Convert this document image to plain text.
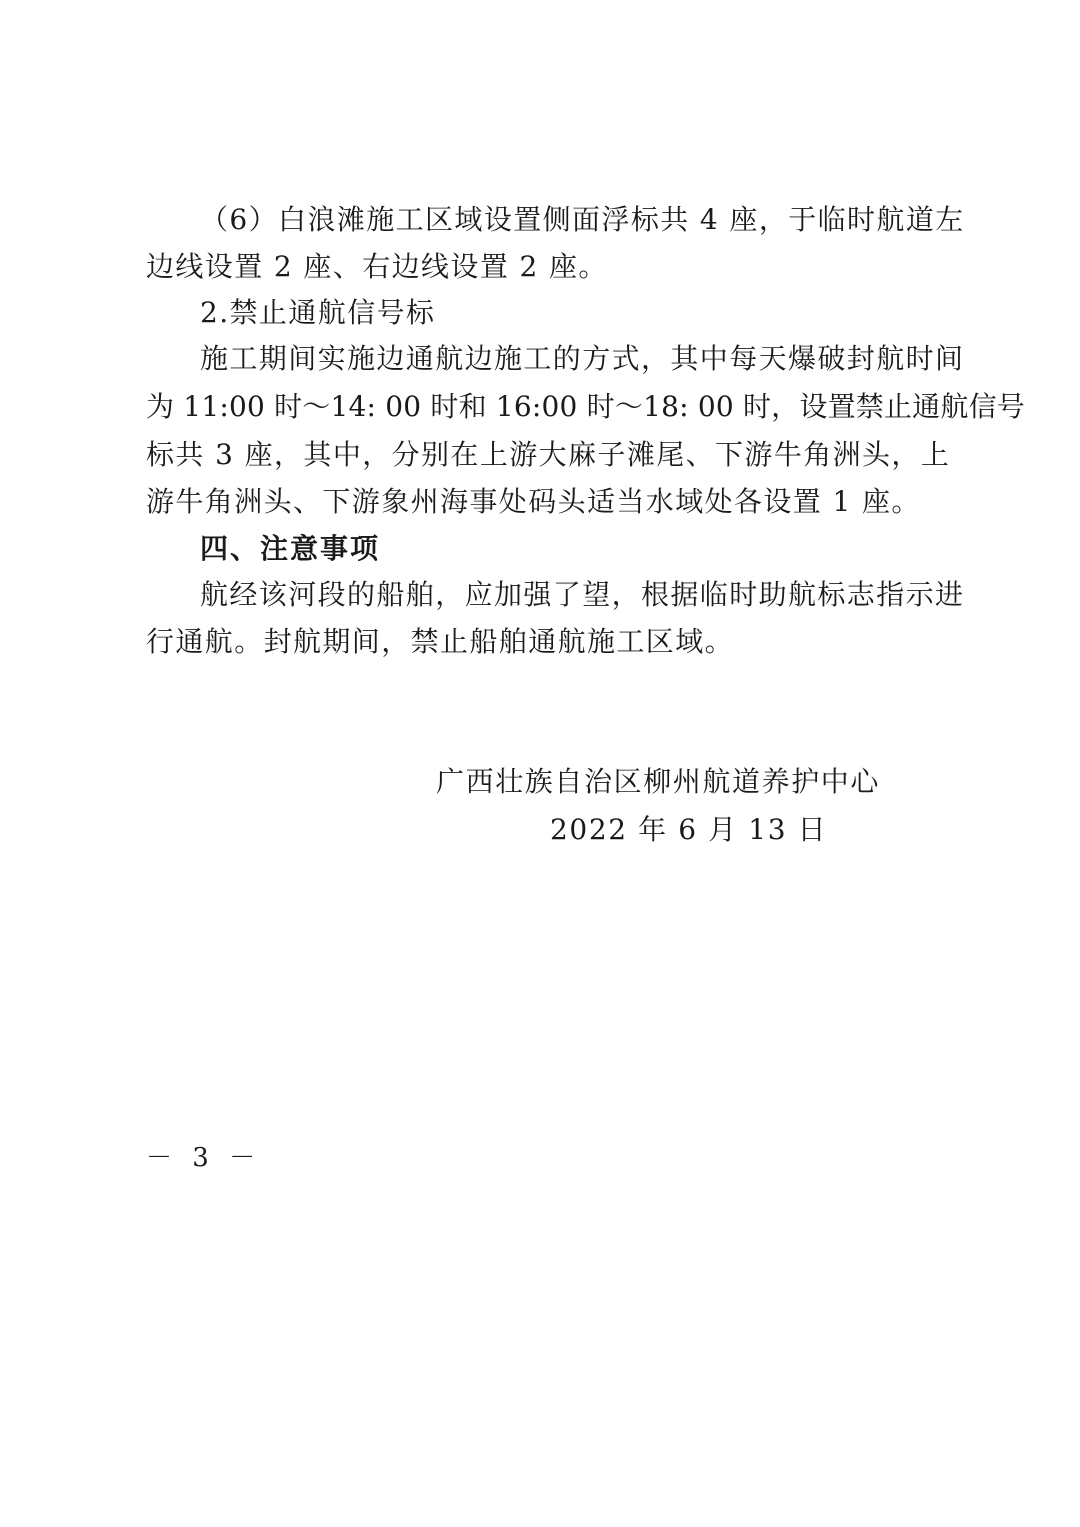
（6）白浪滩施工区域设置侧面浮标共 4 座，于临时航道左
边线设置 2 座、右边线设置 2 座。
2.禁止通航信号标
施工期间实施边通航边施工的方式，其中每天爆破封航时间
为 11:00 时～14: 00 时和 16:00 时～18: 00 时，设置禁止通航信号
标共 3 座，其中，分别在上游大麻子滩尾、下游牛角洲头，上
游牛角洲头、下游象州海事处码头适当水域处各设置 1 座。
四、注意事项
航经该河段的船舶，应加强了望，根据临时助航标志指示进
行通航。封航期间，禁止船舶通航施工区域。
广西壮族自治区柳州航道养护中心
2022 年 6 月 13 日
－ 3 －
